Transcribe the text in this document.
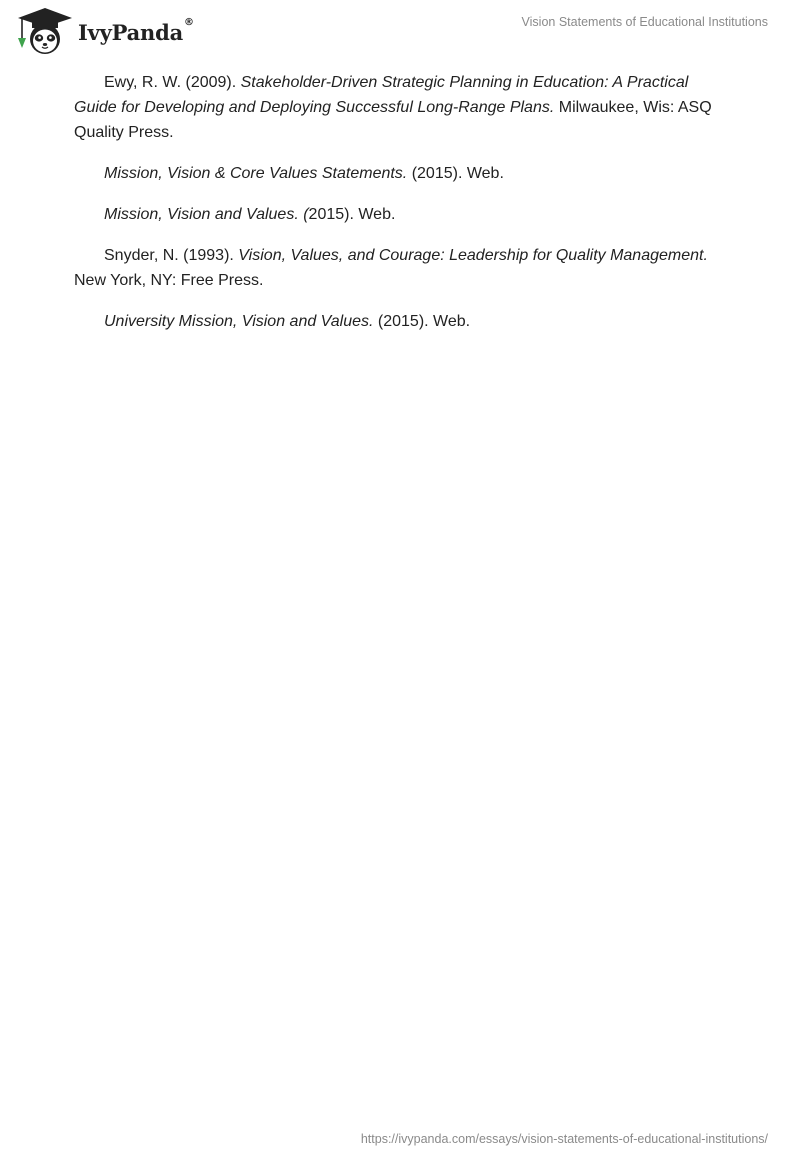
IvyPanda®	Vision Statements of Educational Institutions

Ewy, R. W. (2009). Stakeholder-Driven Strategic Planning in Education: A Practical Guide for Developing and Deploying Successful Long-Range Plans. Milwaukee, Wis: ASQ Quality Press.

Mission, Vision & Core Values Statements. (2015). Web.

Mission, Vision and Values. (2015). Web.

Snyder, N. (1993). Vision, Values, and Courage: Leadership for Quality Management. New York, NY: Free Press.

University Mission, Vision and Values. (2015). Web.

https://ivypanda.com/essays/vision-statements-of-educational-institutions/
